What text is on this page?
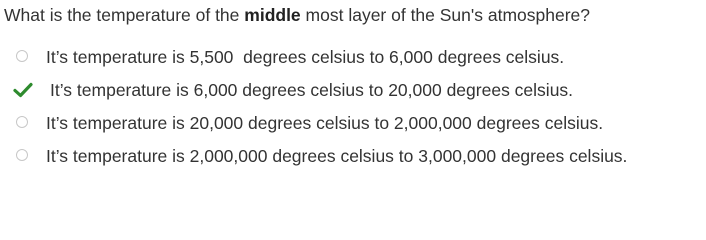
What is the temperature of the middle most layer of the Sun's atmosphere?
It’s temperature is 5,500  degrees celsius to 6,000 degrees celsius.
It’s temperature is 6,000 degrees celsius to 20,000 degrees celsius.
It’s temperature is 20,000 degrees celsius to 2,000,000 degrees celsius.
It’s temperature is 2,000,000 degrees celsius to 3,000,000 degrees celsius.
